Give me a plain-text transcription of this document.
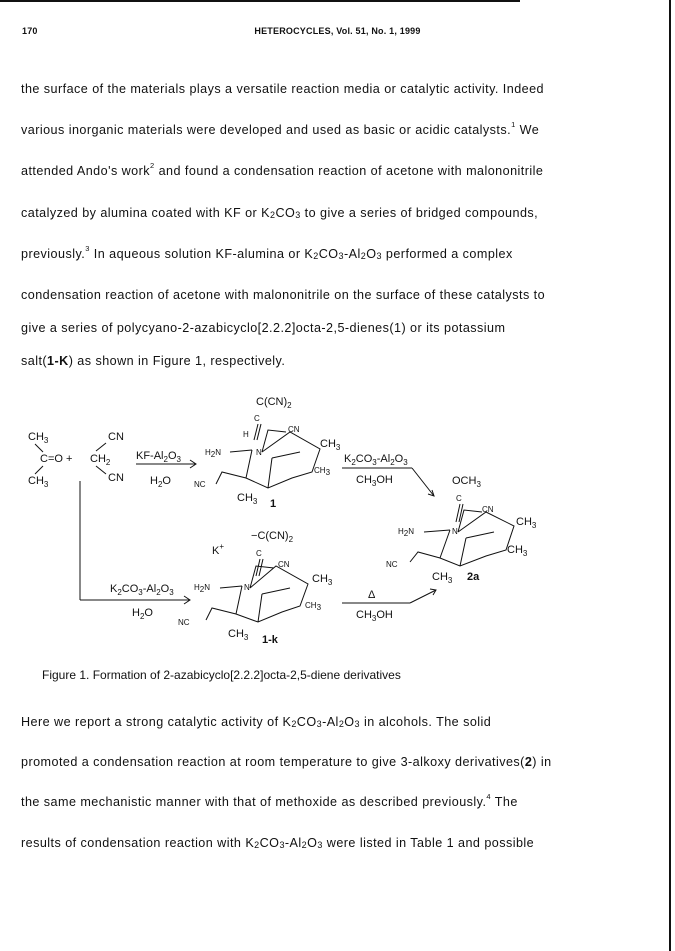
170	HETEROCYCLES, Vol. 51, No. 1, 1999
the surface of the materials plays a versatile reaction media or catalytic activity. Indeed
various inorganic materials were developed and used as basic or acidic catalysts.$^1$ We
attended Ando's work$^2$ and found a condensation reaction of acetone with malononitrile
catalyzed by alumina coated with KF or $K_2CO_3$ to give a series of bridged compounds,
previously.$^3$ In aqueous solution KF-alumina or $K_2CO_3-Al_2O_3$ performed a complex
condensation reaction of acetone with malononitrile on the surface of these catalysts to
give a series of polycyano-2-azabicyclo[2.2.2]octa-2,5-dienes(1) or its potassium
salt(1-K) as shown in Figure 1, respectively.
$CH_3$
C=O
$CH_3$
+
CN
$CH_2$
CN
$KF-Al_2O_3$
$H_2O$
$C(CN)_2$
C
H
CN
H2N	N
$CH_3$
CH3
NC
$CH_3$ 1
$K_2CO_3-Al_2O_3$
$CH_3OH$	$OCH_3$
C
CN
H2N	N
$CH_3$
$CH_3$
NC
$CH_3$ 2a
K+
$-C(CN)_2$
C
CN
H2N	N
$CH_3$
CH3
NC
$CH_3$ 1-k
$K_2CO_3-Al_2O_3$
$H_2O$
Δ
$CH_3OH$
Figure 1. Formation of 2-azabicyclo[2.2.2]octa-2,5-diene derivatives
Here we report a strong catalytic activity of $K_2CO_3-Al_2O_3$ in alcohols. The solid
promoted a condensation reaction at room temperature to give 3-alkoxy derivatives(2) in
the same mechanistic manner with that of methoxide as described previously.$^4$ The
results of condensation reaction with $K_2CO_3-Al_2O_3$ were listed in Table 1 and possible
